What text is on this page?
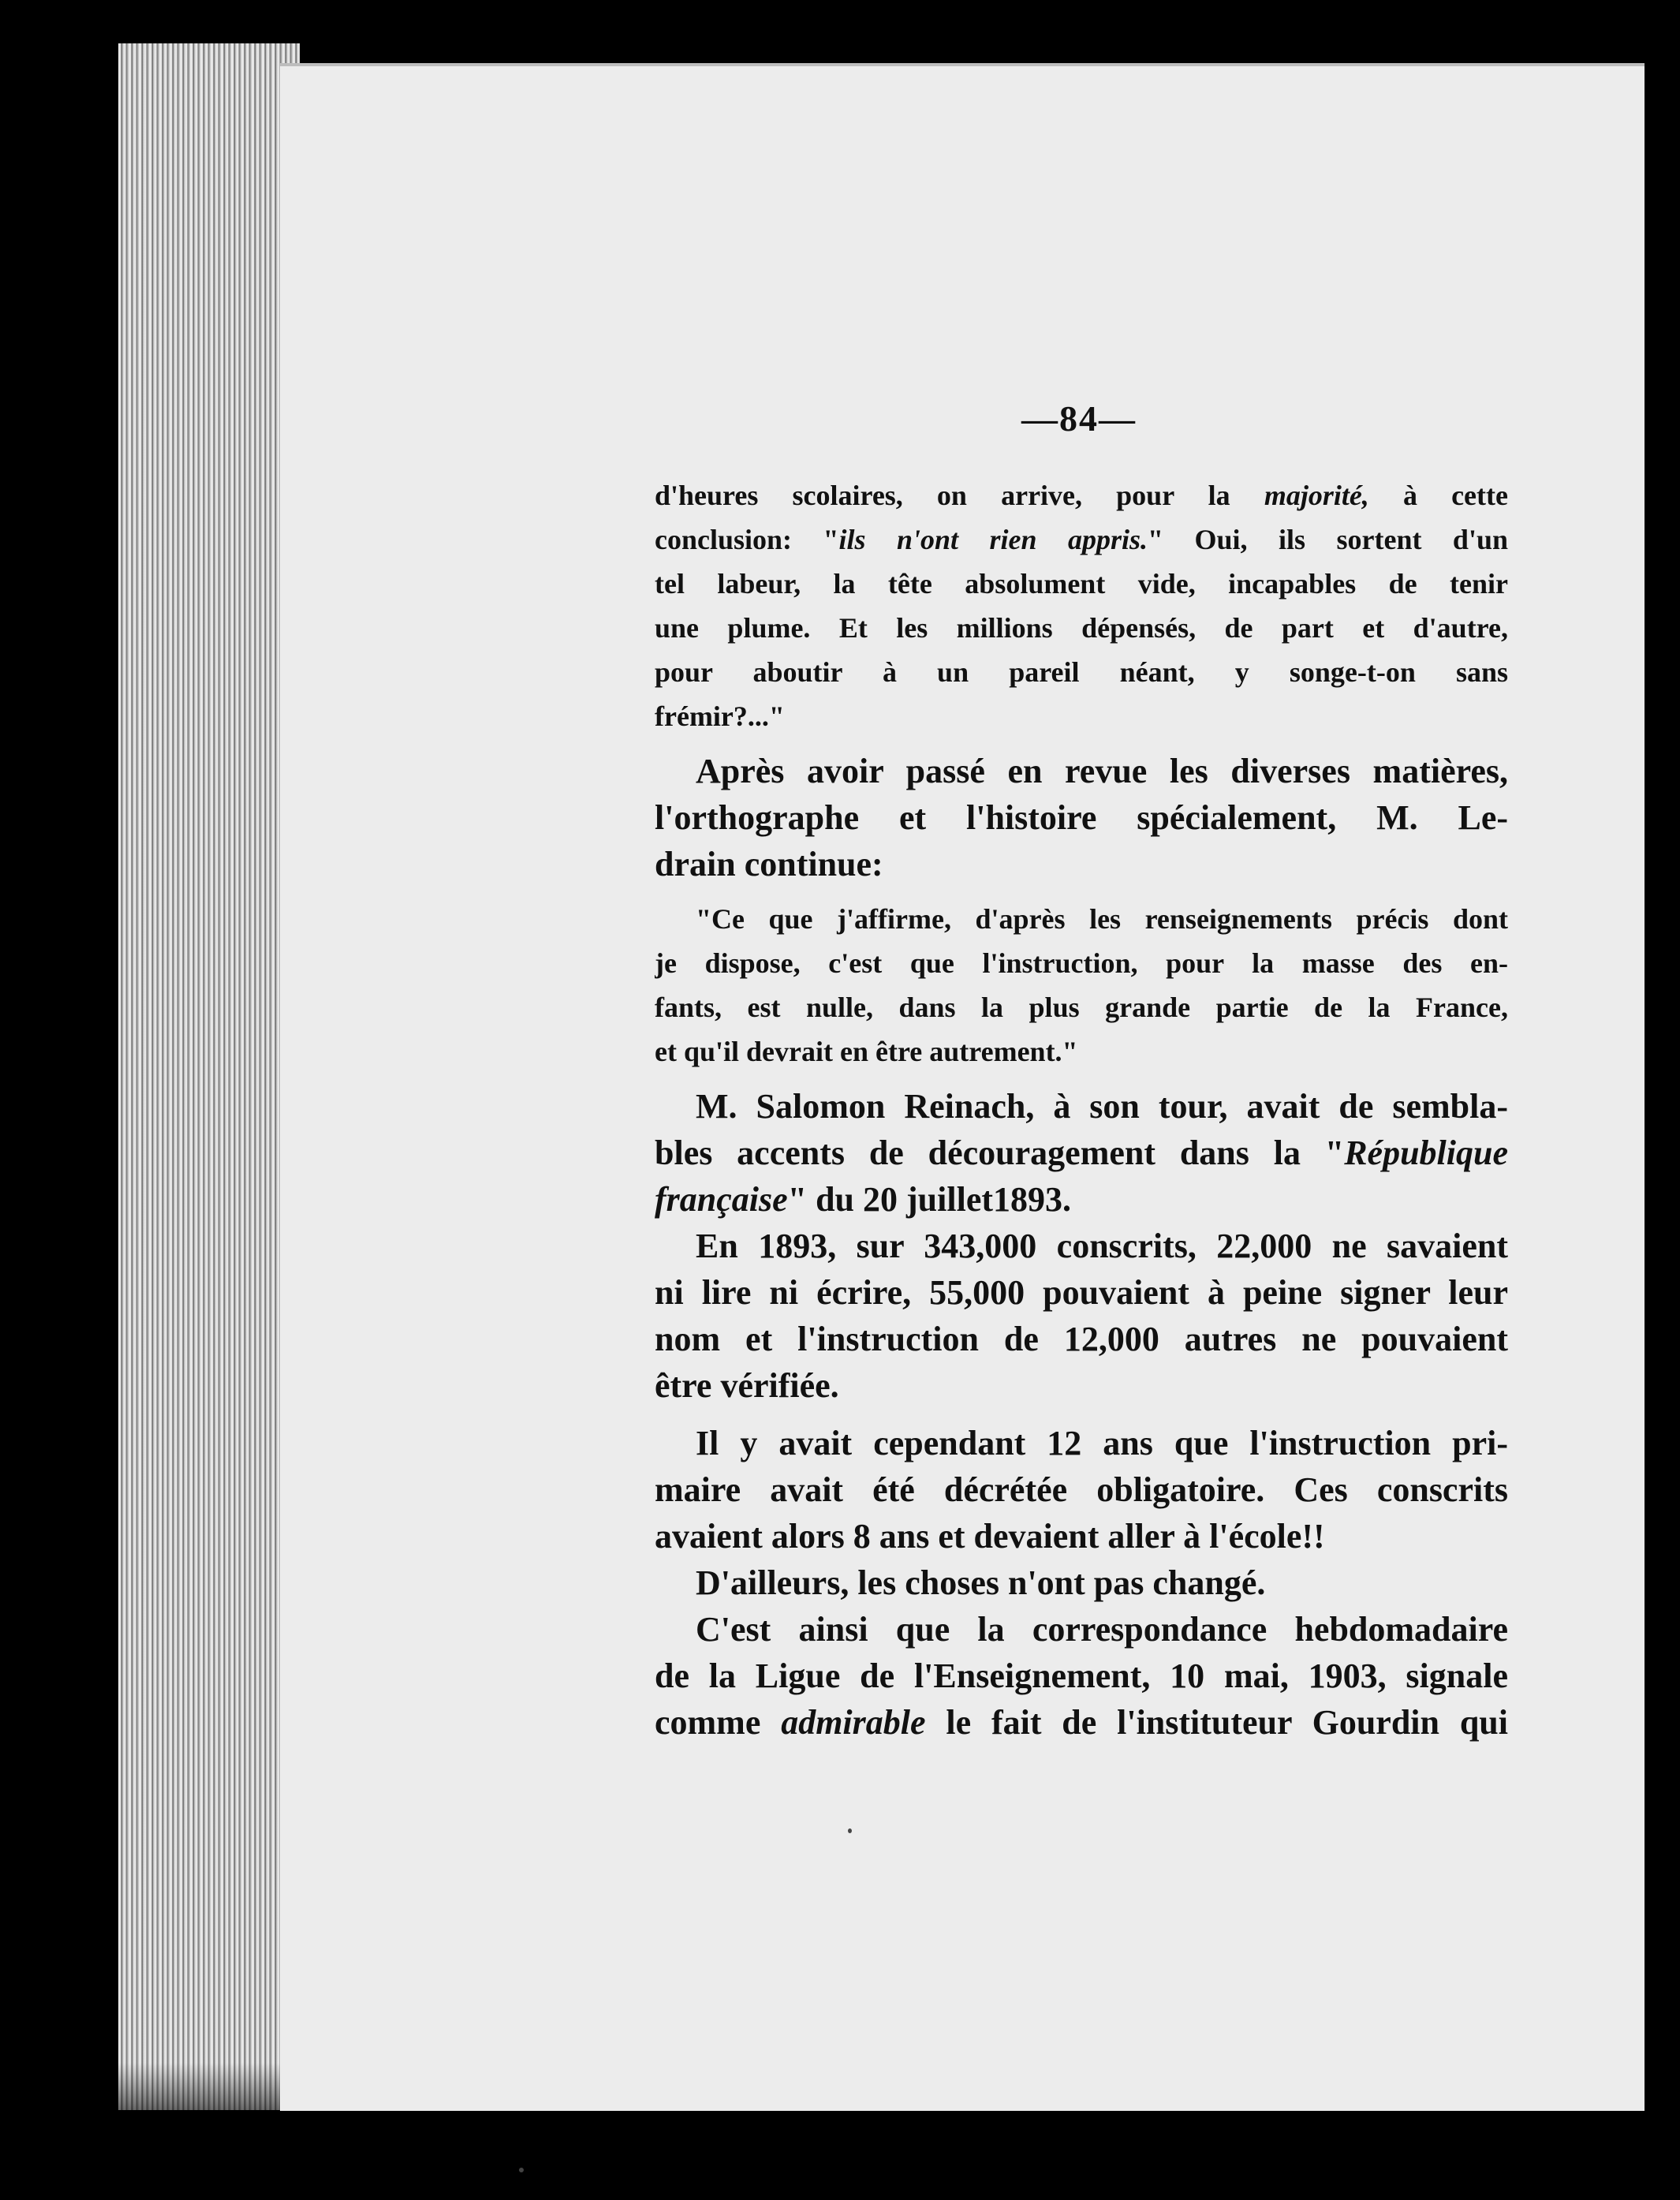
—84—
d'heures scolaires, on arrive, pour la majorité, à cette
conclusion: "ils n'ont rien appris." Oui, ils sortent d'un
tel labeur, la tête absolument vide, incapables de tenir
une plume. Et les millions dépensés, de part et d'autre,
pour aboutir à un pareil néant, y songe-t-on sans
frémir?..."
Après avoir passé en revue les diverses matières,
l'orthographe et l'histoire spécialement, M. Le-
drain continue:
"Ce que j'affirme, d'après les renseignements précis dont
je dispose, c'est que l'instruction, pour la masse des en-
fants, est nulle, dans la plus grande partie de la France,
et qu'il devrait en être autrement."
M. Salomon Reinach, à son tour, avait de sembla-
bles accents de découragement dans la "République
française" du 20 juillet1893.
En 1893, sur 343,000 conscrits, 22,000 ne savaient
ni lire ni écrire, 55,000 pouvaient à peine signer leur
nom et l'instruction de 12,000 autres ne pouvaient
être vérifiée.
Il y avait cependant 12 ans que l'instruction pri-
maire avait été décrétée obligatoire. Ces conscrits
avaient alors 8 ans et devaient aller à l'école!!
D'ailleurs, les choses n'ont pas changé.
C'est ainsi que la correspondance hebdomadaire
de la Ligue de l'Enseignement, 10 mai, 1903, signale
comme admirable le fait de l'instituteur Gourdin qui
